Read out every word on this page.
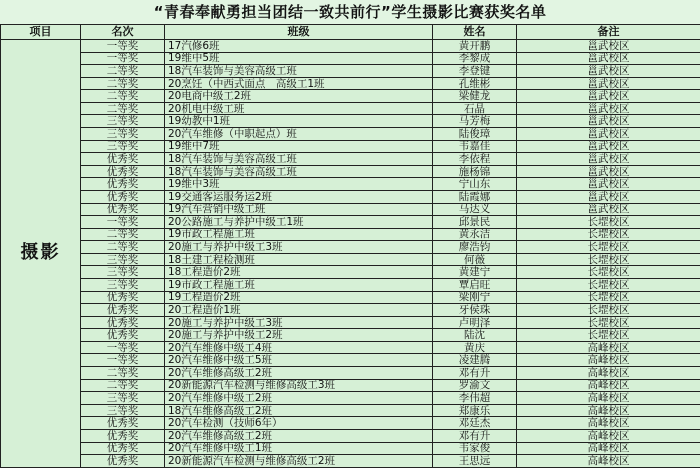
“青春奉献勇担当团结一致共前行”学生摄影比赛获奖名单
项目	名次	班级	姓名	备注
摄影	一等奖	17汽修6班	黄开鹏	邕武校区
	一等奖	19维中5班	李黎成	邕武校区
	二等奖	18汽车装饰与美容高级工班	李登键	邕武校区
	二等奖	20烹饪（中西式面点　高级工1班	孔维彬	邕武校区
	二等奖	20电商中级工2班	梁健龙	邕武校区
	二等奖	20机电中级工班	石晶	邕武校区
	三等奖	19幼教中1班	马芳梅	邕武校区
	三等奖	20汽车维修（中职起点）班	陆俊璋	邕武校区
	三等奖	19维中7班	韦嘉佳	邕武校区
	优秀奖	18汽车装饰与美容高级工班	李依程	邕武校区
	优秀奖	18汽车装饰与美容高级工班	施杨锦	邕武校区
	优秀奖	19维中3班	宁山东	邕武校区
	优秀奖	19交通客运服务运2班	陆霞娜	邕武校区
	优秀奖	19汽车营销中级工班	马达义	邕武校区
	一等奖	20公路施工与养护中级工1班	邱景民	长堽校区
	二等奖	19市政工程施工班	黄永洁	长堽校区
	二等奖	20施工与养护中级工3班	廖浩钧	长堽校区
	三等奖	18土建工程检测班	何薇	长堽校区
	三等奖	18工程造价2班	黄建宁	长堽校区
	三等奖	19市政工程施工班	覃启旺	长堽校区
	优秀奖	19工程造价2班	梁刚宁	长堽校区
	优秀奖	20工程造价1班	牙侯珠	长堽校区
	优秀奖	20施工与养护中级工3班	卢明泽	长堽校区
	优秀奖	20施工与养护中级工2班	陆沈	长堽校区
	一等奖	20汽车维修中级工4班	黄庆	高峰校区
	一等奖	20汽车维修中级工5班	凌建腾	高峰校区
	二等奖	20汽车维修高级工2班	邓有升	高峰校区
	二等奖	20新能源汽车检测与维修高级工3班	罗渝文	高峰校区
	三等奖	20汽车维修中级工2班	李伟超	高峰校区
	三等奖	18汽车维修高级工2班	郑康乐	高峰校区
	优秀奖	20汽车检测（技师6年）	邓廷杰	高峰校区
	优秀奖	20汽车维修高级工2班	邓有升	高峰校区
	优秀奖	20汽车维修中级工1班	韦家俊	高峰校区
	优秀奖	20新能源汽车检测与维修高级工2班	王思远	高峰校区
